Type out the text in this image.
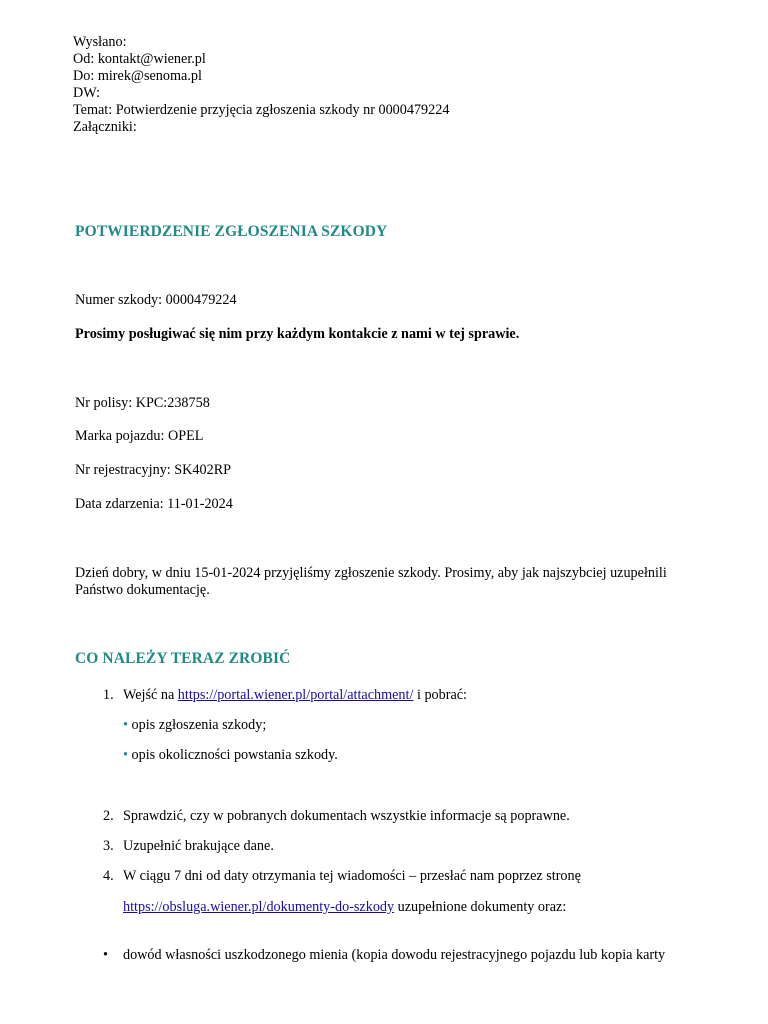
Wysłano:
Od: kontakt@wiener.pl
Do: mirek@senoma.pl
DW:
Temat: Potwierdzenie przyjęcia zgłoszenia szkody nr 0000479224
Załączniki:
POTWIERDZENIE ZGŁOSZENIA SZKODY
Numer szkody: 0000479224
Prosimy posługiwać się nim przy każdym kontakcie z nami w tej sprawie.
Nr polisy: KPC:238758
Marka pojazdu: OPEL
Nr rejestracyjny: SK402RP
Data zdarzenia: 11-01-2024
Dzień dobry, w dniu 15-01-2024 przyjęliśmy zgłoszenie szkody. Prosimy, aby jak najszybciej uzupełnili
Państwo dokumentację.
CO NALEŻY TERAZ ZROBIĆ
1. Wejść na https://portal.wiener.pl/portal/attachment/ i pobrać:
• opis zgłoszenia szkody;
• opis okoliczności powstania szkody.
2. Sprawdzić, czy w pobranych dokumentach wszystkie informacje są poprawne.
3. Uzupełnić brakujące dane.
4. W ciągu 7 dni od daty otrzymania tej wiadomości – przesłać nam poprzez stronę
https://obsluga.wiener.pl/dokumenty-do-szkody uzupełnione dokumenty oraz:
• dowód własności uszkodzonego mienia (kopia dowodu rejestracyjnego pojazdu lub kopia karty
